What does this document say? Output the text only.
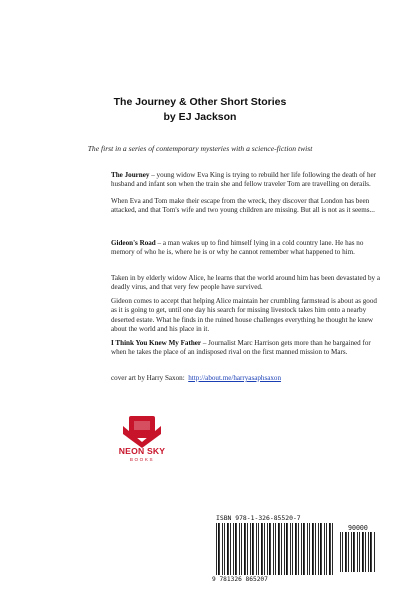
The Journey & Other Short Stories
by EJ Jackson
The first in a series of contemporary mysteries with a science-fiction twist
The Journey – young widow Eva King is trying to rebuild her life following the death of her husband and infant son when the train she and fellow traveler Tom are travelling on derails.
When Eva and Tom make their escape from the wreck, they discover that London has been attacked, and that Tom's wife and two young children are missing. But all is not as it seems...
Gideon's Road – a man wakes up to find himself lying in a cold country lane. He has no memory of who he is, where he is or why he cannot remember what happened to him.
Taken in by elderly widow Alice, he learns that the world around him has been devastated by a deadly virus, and that very few people have survived.
Gideon comes to accept that helping Alice maintain her crumbling farmstead is about as good as it is going to get, until one day his search for missing livestock takes him onto a nearby deserted estate. What he finds in the ruined house challenges everything he thought he knew about the world and his place in it.
I Think You Knew My Father – Journalist Marc Harrison gets more than he bargained for when he takes the place of an indisposed rival on the first manned mission to Mars.
cover art by Harry Saxon: http://about.me/harryasaphsaxon
NEON SKY
BOOKS
ISBN 978-1-326-85520-7
90000
9 781326 865207
